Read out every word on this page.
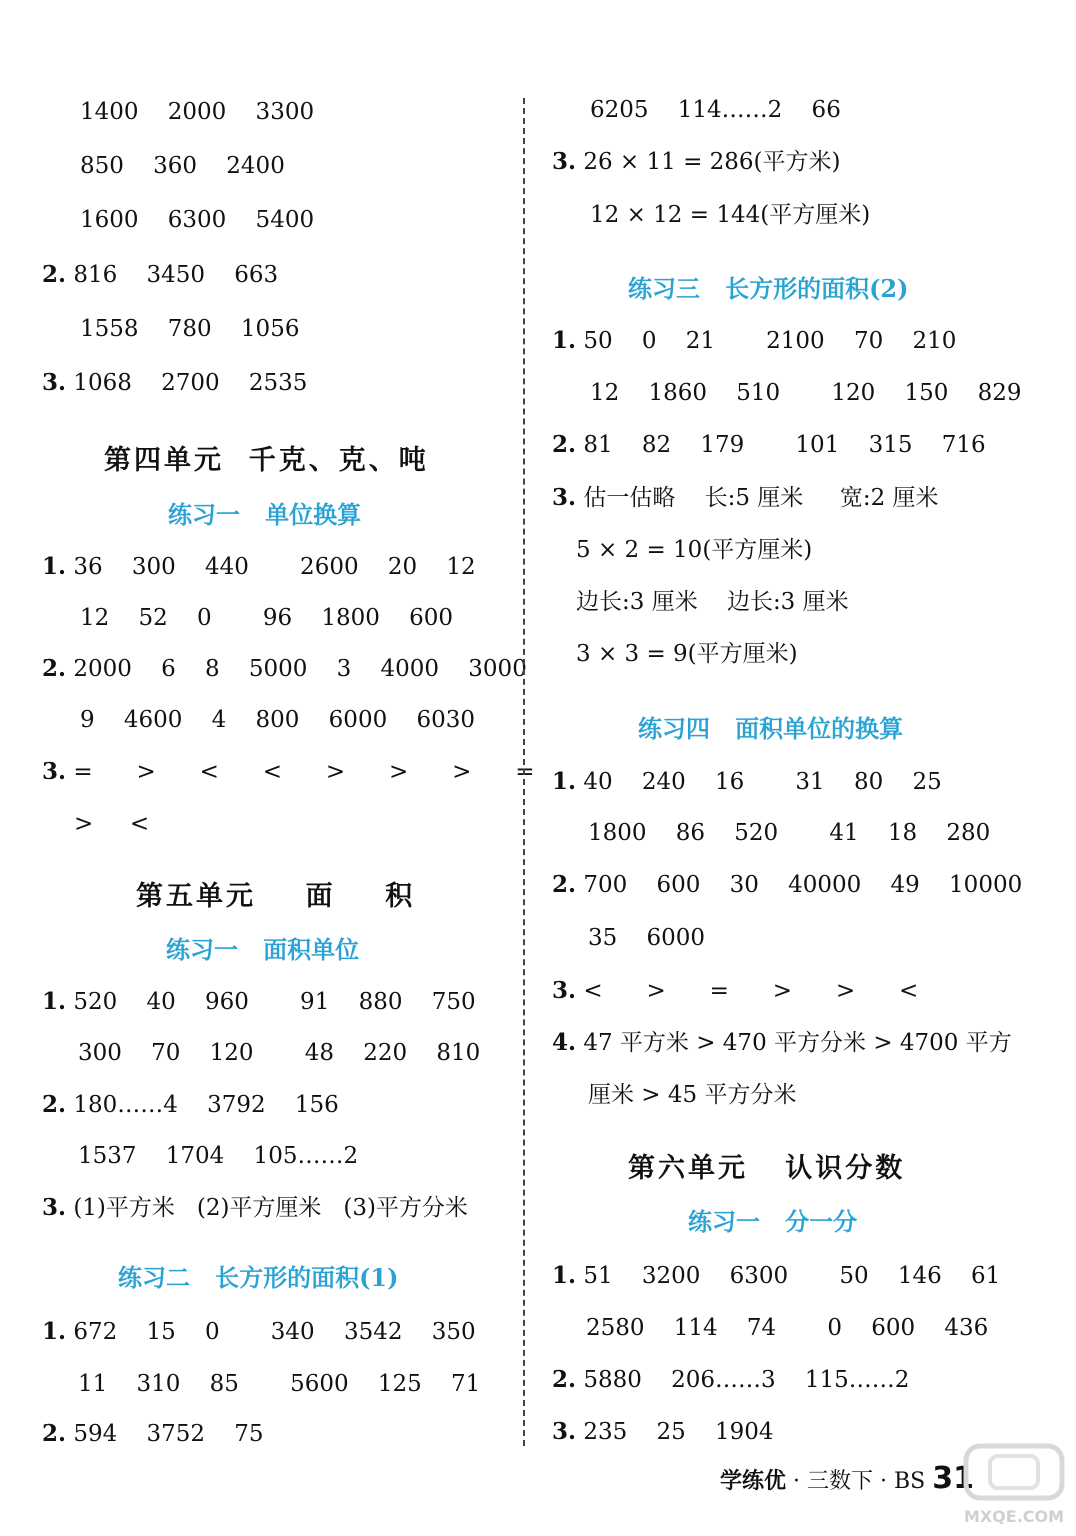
1400    2000    3300
850    360    2400
1600    6300    5400
2. 816    3450    663
1558    780    1056
3. 1068    2700    2535
第四单元  千克、克、吨
练习一   单位换算
1. 36    300    440       2600    20    12
12    52    0       96    1800    600
2. 2000    6    8    5000    3    4000    3000
9    4600    4    800    6000    6030
3. =      >      <      <      >      >      >      =
>     <
第五单元    面    积
练习一   面积单位
1. 520    40    960       91    880    750
300    70    120       48    220    810
2. 180……4    3792    156
1537    1704    105……2
3. (1)平方米   (2)平方厘米   (3)平方分米
练习二   长方形的面积(1)
1. 672    15    0       340    3542    350
11    310    85       5600    125    71
2. 594    3752    75
6205    114……2    66
3. 26 × 11 = 286(平方米)
12 × 12 = 144(平方厘米)
练习三   长方形的面积(2)
1. 50    0    21       2100    70    210
12    1860    510       120    150    829
2. 81    82    179       101    315    716
3. 估一估略    长:5 厘米     宽:2 厘米
5 × 2 = 10(平方厘米)
边长:3 厘米    边长:3 厘米
3 × 3 = 9(平方厘米)
练习四   面积单位的换算
1. 40    240    16       31    80    25
1800    86    520       41    18    280
2. 700    600    30    40000    49    10000
35    6000
3. <      >      =      >      >      <
4. 47 平方米 > 470 平方分米 > 4700 平方
厘米 > 45 平方分米
第六单元   认识分数
练习一   分一分
1. 51    3200    6300       50    146    61
2580    114    74       0    600    436
2. 5880    206……3    115……2
3. 235    25    1904
学练优 · 三数下 · BS 31
MXQE.COM
